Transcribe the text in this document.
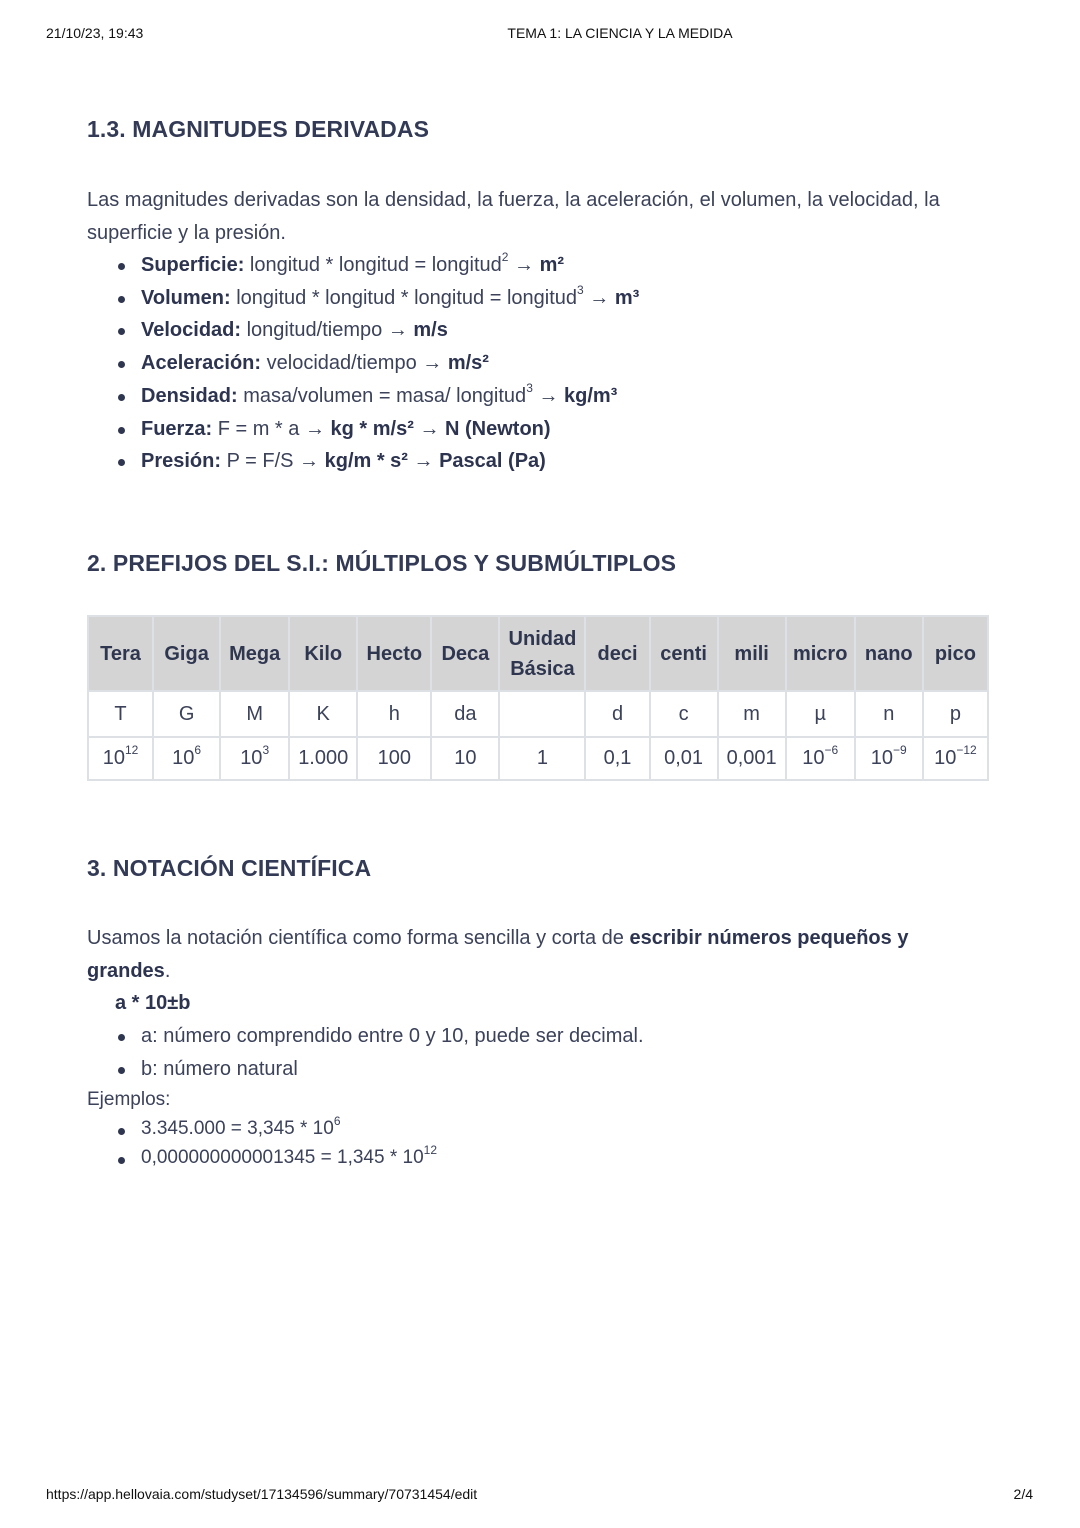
21/10/23, 19:43	TEMA 1: LA CIENCIA Y LA MEDIDA
1.3. MAGNITUDES DERIVADAS

Las magnitudes derivadas son la densidad, la fuerza, la aceleración, el volumen, la velocidad, la superficie y la presión.

Superficie: longitud * longitud = longitud$^2$ → m²
Volumen: longitud * longitud * longitud = longitud$^3$ → m³
Velocidad: longitud/tiempo → m/s
Aceleración: velocidad/tiempo → m/s²
Densidad: masa/volumen = masa/ longitud$^3$ → kg/m³
Fuerza: F = m * a → kg * m/s² → N (Newton)
Presión: P = F/S → kg/m * s² → Pascal (Pa)
2. PREFIJOS DEL S.I.: MÚLTIPLOS Y SUBMÚLTIPLOS
Tera	Giga	Mega	Kilo	Hecto	Deca	Unidad Básica	deci	centi	mili	micro	nano	pico
T	G	M	K	h	da		d	c	m	µ	n	p
$10^{12}$	$10^6$	$10^3$	1.000	100	10	1	0,1	0,01	0,001	$10^{-6}$	$10^{-9}$	$10^{-12}$
3. NOTACIÓN CIENTÍFICA

Usamos la notación científica como forma sencilla y corta de escribir números pequeños y grandes.

a * 10±b
a: número comprendido entre 0 y 10, puede ser decimal.
b: número natural
Ejemplos:
$3.345.000 = 3,345 * 10^6$
$0,000000000001345 = 1,345 * 10^{12}$
https://app.hellovaia.com/studyset/17134596/summary/70731454/edit	2/4
